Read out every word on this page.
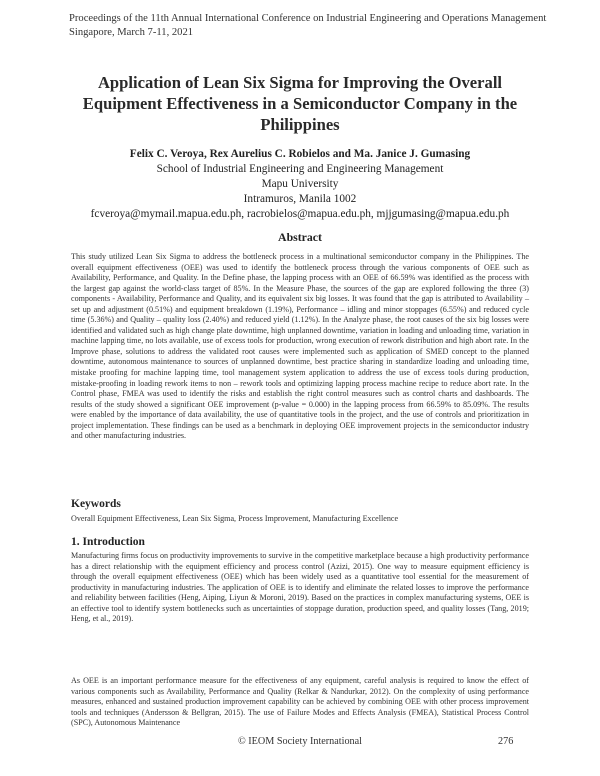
Proceedings of the 11th Annual International Conference on Industrial Engineering and Operations Management
Singapore, March 7-11, 2021
Application of Lean Six Sigma for Improving the Overall Equipment Effectiveness in a Semiconductor Company in the Philippines
Felix C. Veroya, Rex Aurelius C. Robielos and Ma. Janice J. Gumasing
School of Industrial Engineering and Engineering Management
Mapu University
Intramuros, Manila 1002
fcveroya@mymail.mapua.edu.ph, racrobielos@mapua.edu.ph, mjjgumasing@mapua.edu.ph
Abstract
This study utilized Lean Six Sigma to address the bottleneck process in a multinational semiconductor company in the Philippines. The overall equipment effectiveness (OEE) was used to identify the bottleneck process through the various components of OEE such as Availability, Performance, and Quality. In the Define phase, the lapping process with an OEE of 66.59% was identified as the process with the largest gap against the world-class target of 85%. In the Measure Phase, the sources of the gap are explored following the three (3) components - Availability, Performance and Quality, and its equivalent six big losses. It was found that the gap is attributed to Availability – set up and adjustment (0.51%) and equipment breakdown (1.19%), Performance – idling and minor stoppages (6.55%) and reduced cycle time (5.36%) and Quality – quality loss (2.40%) and reduced yield (1.12%). In the Analyze phase, the root causes of the six big losses were identified and validated such as high change plate downtime, high unplanned downtime, variation in loading and unloading time, variation in machine lapping time, no lots available, use of excess tools for production, wrong execution of rework distribution and high abort rate. In the Improve phase, solutions to address the validated root causes were implemented such as application of SMED concept to the planned downtime, autonomous maintenance to sources of unplanned downtime, best practice sharing in standardize loading and unloading time, mistake proofing for machine lapping time, tool management system application to address the use of excess tools during production, mistake-proofing in loading rework items to non – rework tools and optimizing lapping process machine recipe to reduce abort rate. In the Control phase, FMEA was used to identify the risks and establish the right control measures such as control charts and dashboards. The results of the study showed a significant OEE improvement (p-value = 0.000) in the lapping process from 66.59% to 85.09%. The results were enabled by the importance of data availability, the use of quantitative tools in the project, and the use of controls and prioritization in project implementation. These findings can be used as a benchmark in deploying OEE improvement projects in the semiconductor industry and other manufacturing industries.
Keywords
Overall Equipment Effectiveness, Lean Six Sigma, Process Improvement, Manufacturing Excellence
1. Introduction
Manufacturing firms focus on productivity improvements to survive in the competitive marketplace because a high productivity performance has a direct relationship with the equipment efficiency and process control (Azizi, 2015). One way to measure equipment efficiency is through the overall equipment effectiveness (OEE) which has been widely used as a quantitative tool essential for the measurement of productivity in manufacturing industries. The application of OEE is to identify and eliminate the related losses to improve the performance and reliability between facilities (Heng, Aiping, Liyun & Moroni, 2019). Based on the practices in complex manufacturing systems, OEE is an effective tool to identify system bottlenecks such as uncertainties of stoppage duration, production speed, and quality losses (Tang, 2019; Heng, et al., 2019).
As OEE is an important performance measure for the effectiveness of any equipment, careful analysis is required to know the effect of various components such as Availability, Performance and Quality (Relkar & Nandurkar, 2012). On the complexity of using performance measures, enhanced and sustained production improvement capability can be achieved by combining OEE with other process improvement tools and techniques (Andersson & Bellgran, 2015). The use of Failure Modes and Effects Analysis (FMEA), Statistical Process Control (SPC), Autonomous Maintenance
© IEOM Society International	276
